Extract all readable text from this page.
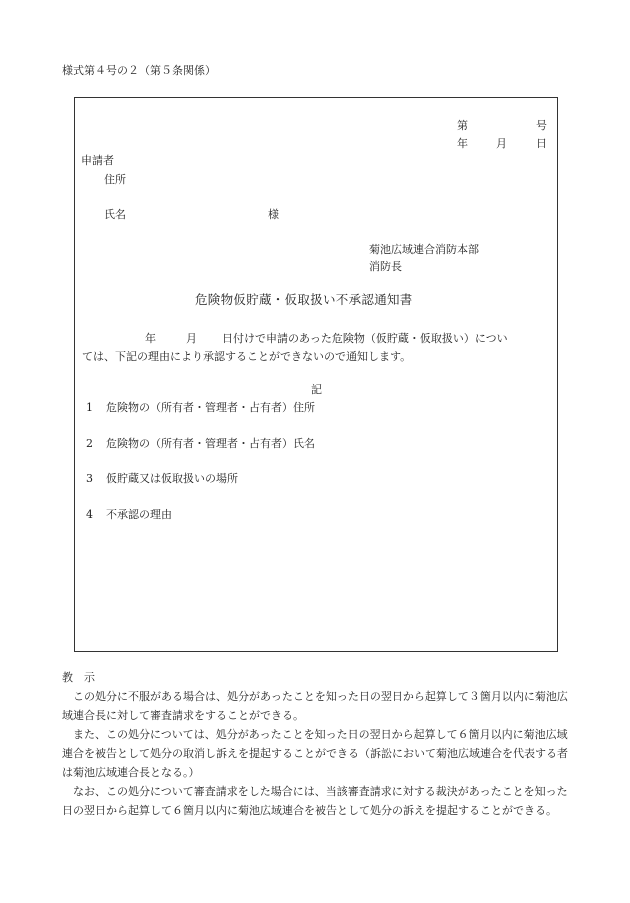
様式第４号の２（第５条関係）
第	号
年	月	日
申請者
住所
氏名	様
菊池広域連合消防本部
消防長
危険物仮貯蔵・仮取扱い不承認通知書
年	月 日付けで申請のあった危険物（仮貯蔵・仮取扱い）につい
ては、下記の理由により承認することができないので通知します。
記
1 危険物の（所有者・管理者・占有者）住所
2 危険物の（所有者・管理者・占有者）氏名
3 仮貯蔵又は仮取扱いの場所
4 不承認の理由
教　示
この処分に不服がある場合は、処分があったことを知った日の翌日から起算して３箇月以内に菊池広域連合長に対して審査請求をすることができる。
また、この処分については、処分があったことを知った日の翌日から起算して６箇月以内に菊池広域連合を被告として処分の取消し訴えを提起することができる（訴訟において菊池広域連合を代表する者は菊池広域連合長となる。）
なお、この処分について審査請求をした場合には、当該審査請求に対する裁決があったことを知った日の翌日から起算して６箇月以内に菊池広域連合を被告として処分の訴えを提起することができる。
